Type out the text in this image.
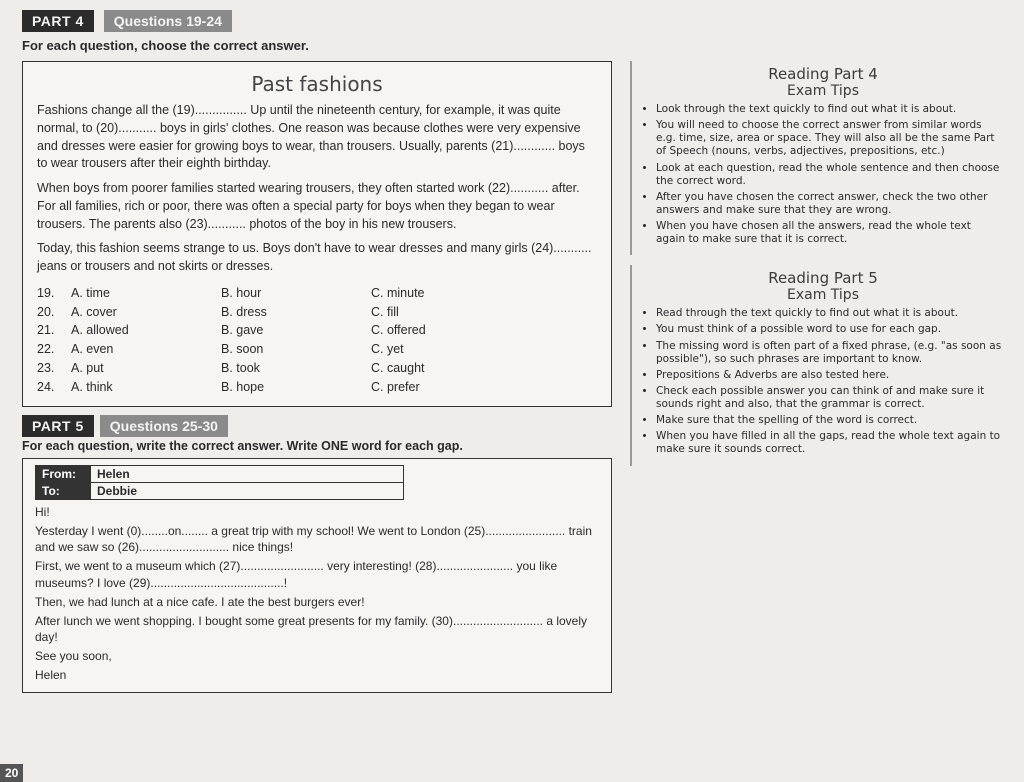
PART 4	Questions 19-24
For each question, choose the correct answer.
Past fashions

Fashions change all the (19)............... Up until the nineteenth century, for example, it was quite normal, to (20)........... boys in girls' clothes. One reason was because clothes were very expensive and dresses were easier for growing boys to wear, than trousers. Usually, parents (21)............ boys to wear trousers after their eighth birthday.

When boys from poorer families started wearing trousers, they often started work (22)........... after. For all families, rich or poor, there was often a special party for boys when they began to wear trousers. The parents also (23)........... photos of the boy in his new trousers.

Today, this fashion seems strange to us. Boys don't have to wear dresses and many girls (24)........... jeans or trousers and not skirts or dresses.

19.	A. time	B. hour	C. minute
20.	A. cover	B. dress	C. fill
21.	A. allowed	B. gave	C. offered
22.	A. even	B. soon	C. yet
23.	A. put	B. took	C. caught
24.	A. think	B. hope	C. prefer
PART 5	Questions 25-30
For each question, write the correct answer. Write ONE word for each gap.
From:	Helen
To:	Debbie

Hi!

Yesterday I went (0)........on........ a great trip with my school! We went to London (25)........................ train and we saw so (26)........................... nice things!

First, we went to a museum which (27)......................... very interesting! (28)....................... you like museums? I love (29)........................................!

Then, we had lunch at a nice cafe. I ate the best burgers ever!

After lunch we went shopping. I bought some great presents for my family. (30)........................... a lovely day!

See you soon,

Helen

Reading Part 4
Exam Tips
• Look through the text quickly to find out what it is about.
• You will need to choose the correct answer from similar words e.g. time, size, area or space. They will also all be the same Part of Speech (nouns, verbs, adjectives, prepositions, etc.)
• Look at each question, read the whole sentence and then choose the correct word.
• After you have chosen the correct answer, check the two other answers and make sure that they are wrong.
• When you have chosen all the answers, read the whole text again to make sure that it is correct.
Reading Part 5
Exam Tips
• Read through the text quickly to find out what it is about.
• You must think of a possible word to use for each gap.
• The missing word is often part of a fixed phrase, (e.g. "as soon as possible"), so such phrases are important to know.
• Prepositions & Adverbs are also tested here.
• Check each possible answer you can think of and make sure it sounds right and also, that the grammar is correct.
• Make sure that the spelling of the word is correct.
• When you have filled in all the gaps, read the whole text again to make sure it sounds correct.
20
